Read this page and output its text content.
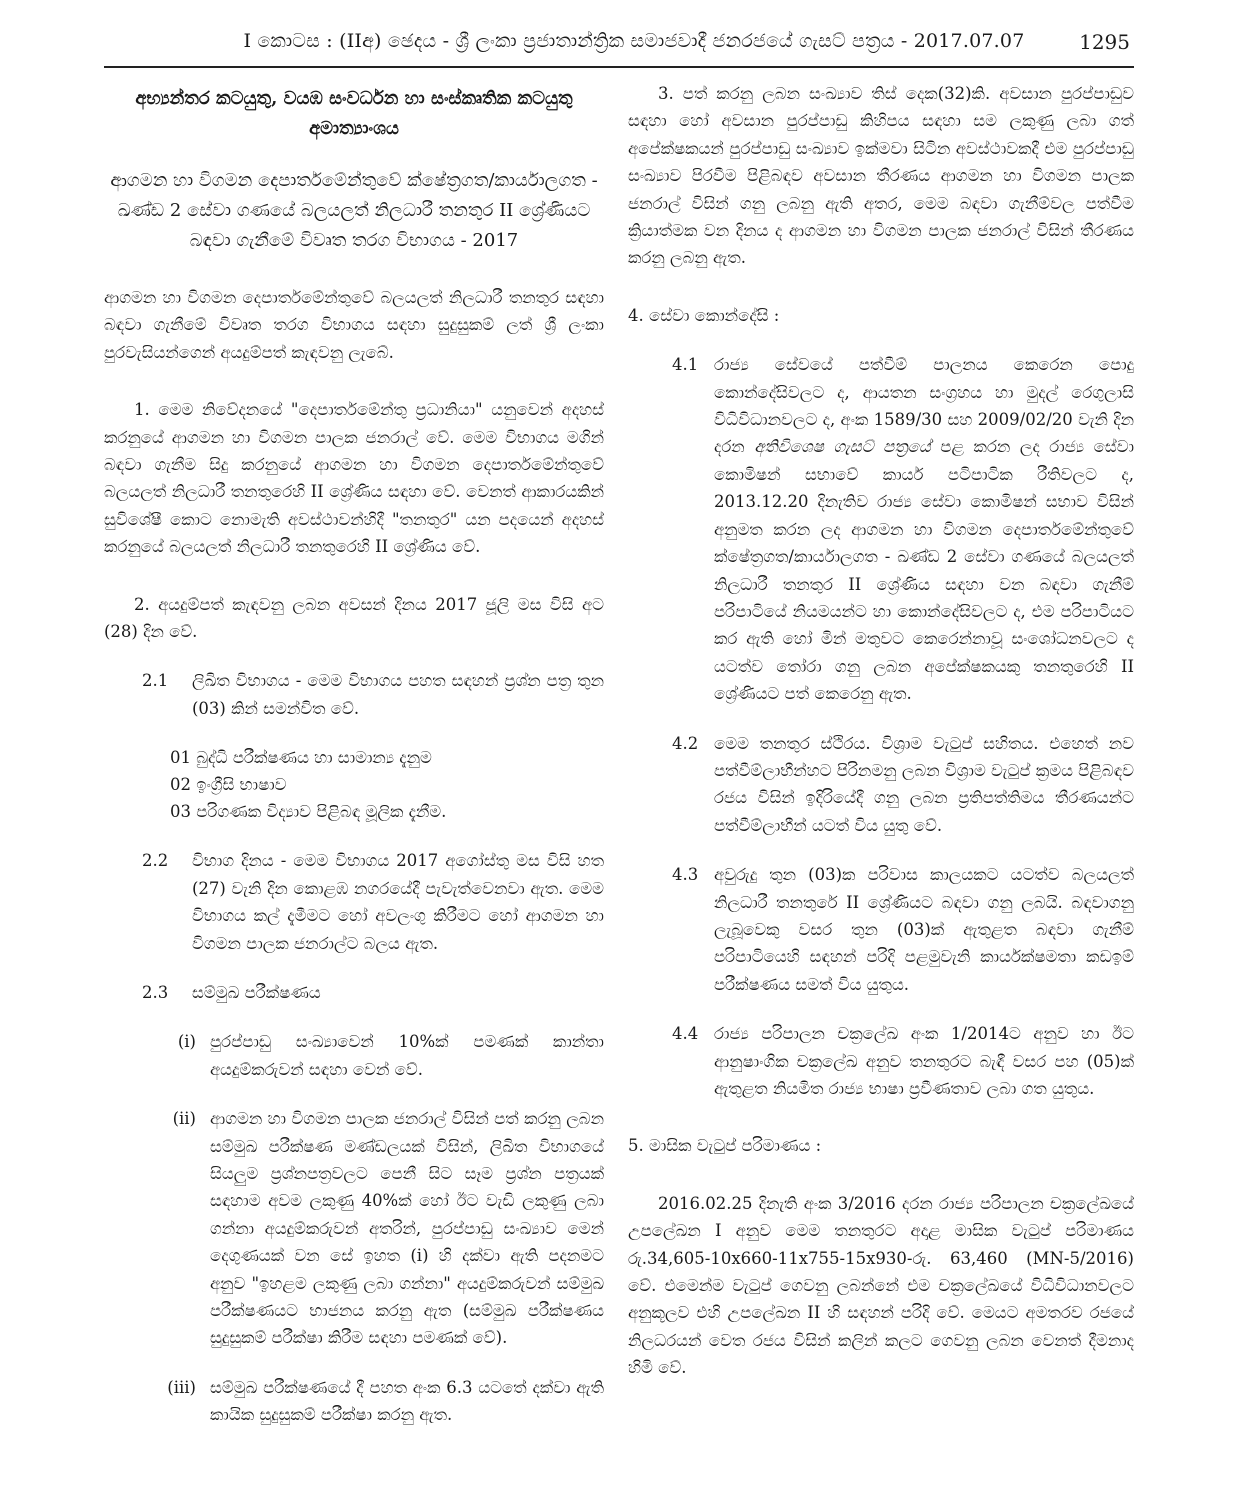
I කොටස : (IIඅ) ඡෙදය - ශ්‍රී ලංකා ප්‍රජාතාන්ත්‍රික සමාජවාදී ජනරජයේ ගැසට් පත්‍රය - 2017.07.07	1295

අභ්‍යන්තර කටයුතු, වයඹ සංවර්ධන හා සංස්කෘතික කටයුතු අමාත්‍යාංශය

ආගමන හා විගමන දෙපාර්තමේන්තුවේ ක්ෂේත්‍රගත/කාර්යාලගත - ඛණ්ඩ 2 සේවා ගණයේ බලයලත් නිලධාරී තනතුර II ශ්‍රේණියට බඳවා ගැනීමේ විවෘත තරග විභාගය - 2017

ආගමන හා විගමන දෙපාර්තමේන්තුවේ බලයලත් නිලධාරී තනතුර සඳහා බඳවා ගැනීමේ විවෘත තරග විභාගය සඳහා සුදුසුකම් ලත් ශ්‍රී ලංකා පුරවැසියන්ගෙන් අයදුම්පත් කැඳවනු ලැබේ.

1. මෙම නිවේදනයේ "දෙපාර්තමේන්තු ප්‍රධානියා" යනුවෙන් අදහස් කරනුයේ ආගමන හා විගමන පාලක ජනරාල් වේ. මෙම විභාගය මගින් බඳවා ගැනීම සිදු කරනුයේ ආගමන හා විගමන දෙපාර්තමේන්තුවේ බලයලත් නිලධාරී තනතුරෙහි II ශ්‍රේණිය සඳහා වේ. වෙනත් ආකාරයකින් සුවිශේෂී කොට නොමැති අවස්ථාවන්හිදී "තනතුර" යන පදයෙන් අදහස් කරනුයේ බලයලත් නිලධාරී තනතුරෙහි II ශ්‍රේණිය වේ.

2. අයදුම්පත් කැඳවනු ලබන අවසන් දිනය 2017 ජූලි මස විසි අට (28) දින වේ.

2.1	ලිඛිත විභාගය - මෙම විභාගය පහත සඳහන් ප්‍රශ්න පත්‍ර තුන (03) කින් සමන්විත වේ.
01 බුද්ධි පරීක්ෂණය හා සාමාන්‍ය දැනුම
02 ඉංග්‍රීසි භාෂාව
03 පරිගණක විද්‍යාව පිළිබඳ මූලික දැනීම.
2.2	විභාග දිනය - මෙම විභාගය 2017 අගෝස්තු මස විසි හත (27) වැනි දින කොළඹ නගරයේදී පැවැත්වෙනවා ඇත. මෙම විභාගය කල් දැමීමට හෝ අවලංගු කිරීමට හෝ ආගමන හා විගමන පාලක ජනරාල්ට බලය ඇත.
2.3	සම්මුඛ පරීක්ෂණය
(i) පුරප්පාඩු සංඛ්‍යාවෙන් 10%ක් පමණක් කාන්තා අයදුම්කරුවන් සඳහා වෙන් වේ.
(ii) ආගමන හා විගමන පාලක ජනරාල් විසින් පත් කරනු ලබන සම්මුඛ පරීක්ෂණ මණ්ඩලයක් විසින්, ලිඛිත විභාගයේ සියලුම ප්‍රශ්නපත්‍රවලට පෙනී සිට සෑම ප්‍රශ්න පත්‍රයක් සඳහාම අවම ලකුණු 40%ක් හෝ ඊට වැඩි ලකුණු ලබා ගන්නා අයදුම්කරුවන් අතරින්, පුරප්පාඩු සංඛ්‍යාව මෙන් දෙගුණයක් වන සේ ඉහත (i) හි දක්වා ඇති පදනමට අනුව "ඉහළම ලකුණු ලබා ගන්නා" අයදුම්කරුවන් සම්මුඛ පරීක්ෂණයට භාජනය කරනු ඇත (සම්මුඛ පරීක්ෂණය සුදුසුකම් පරීක්ෂා කිරීම සඳහා පමණක් වේ).
(iii) සම්මුඛ පරීක්ෂණයේ දී පහත අංක 6.3 යටතේ දක්වා ඇති කායික සුදුසුකම් පරීක්ෂා කරනු ඇත.

3. පත් කරනු ලබන සංඛ්‍යාව තිස් දෙක(32)කි. අවසාන පුරප්පාඩුව සඳහා හෝ අවසාන පුරප්පාඩු කිහිපය සඳහා සම ලකුණු ලබා ගත් අපේක්ෂකයන් පුරප්පාඩු සංඛ්‍යාව ඉක්මවා සිටින අවස්ථාවකදී එම පුරප්පාඩු සංඛ්‍යාව පිරවීම පිළිබඳව අවසාන තීරණය ආගමන හා විගමන පාලක ජනරාල් විසින් ගනු ලබනු ඇති අතර, මෙම බඳවා ගැනීම්වල පත්වීම ක්‍රියාත්මක වන දිනය ද ආගමන හා විගමන පාලක ජනරාල් විසින් තීරණය කරනු ලබනු ඇත.

4. සේවා කොන්දේසි :

4.1 රාජ්‍ය සේවයේ පත්වීම් පාලනය කෙරෙන පොදු කොන්දේසිවලට ද, ආයතන සංග්‍රහය හා මුදල් රෙගුලාසි විධිවිධානවලට ද, අංක 1589/30 සහ 2009/02/20 වැනි දින දරන අතිවිශෙෂ ගැසට් පත්‍රයේ පළ කරන ලද රාජ්‍ය සේවා කොමිෂන් සභාවේ කාර්ය පටිපාටික රීතිවලට ද, 2013.12.20 දිනැතිව රාජ්‍ය සේවා කොමිෂන් සභාව විසින් අනුමත කරන ලද ආගමන හා විගමන දෙපාර්තමේන්තුවේ ක්ෂේත්‍රගත/කාර්යාලගත - ඛණ්ඩ 2 සේවා ගණයේ බලයලත් නිලධාරී තනතුර II ශ්‍රේණිය සඳහා වන බඳවා ගැනීම් පරිපාටියේ නියමයන්ට හා කොන්දේසිවලට ද, එම පරිපාටියට කර ඇති හෝ මින් මතුවට කෙරෙන්නාවූ සංශෝධනවලට ද යටත්ව තෝරා ගනු ලබන අපේක්ෂකයකු තනතුරෙහි II ශ්‍රේණියට පත් කෙරෙනු ඇත.
4.2 මෙම තනතුර ස්ථිරය. විශ්‍රාම වැටුප් සහිතය. එහෙත් නව පත්වීම්ලාභීන්හට පිරිනමනු ලබන විශ්‍රාම වැටුප් ක්‍රමය පිළිබඳව රජය විසින් ඉදිරියේදී ගනු ලබන ප්‍රතිපත්තිමය තීරණයන්ට පත්වීම්ලාභීන් යටත් විය යුතු වේ.
4.3 අවුරුදු තුන (03)ක පරිවාස කාලයකට යටත්ව බලයලත් නිලධාරී තනතුරේ II ශ්‍රේණියට බඳවා ගනු ලබයි. බඳවාගනු ලැබූවෙකු වසර තුන (03)ක් ඇතුළත බඳවා ගැනීම් පරිපාටියෙහි සඳහන් පරිදි පළමුවැනි කාර්යක්ෂමතා කඩඉම් පරීක්ෂණය සමත් විය යුතුය.
4.4 රාජ්‍ය පරිපාලන චක්‍රලේඛ අංක 1/2014ට අනුව හා ඊට ආනුෂාංගික චක්‍රලේඛ අනුව තනතුරට බැඳී වසර පහ (05)ක් ඇතුළත නියමිත රාජ්‍ය භාෂා ප්‍රවීණතාව ලබා ගත යුතුය.

5. මාසික වැටුප් පරිමාණය :

2016.02.25 දිනැති අංක 3/2016 දරන රාජ්‍ය පරිපාලන චක්‍රලේඛයේ උපලේඛන I අනුව මෙම තනතුරට අදාළ මාසික වැටුප් පරිමාණය රු.34,605-10x660-11x755-15x930-රු. 63,460 (MN-5/2016) වේ. එමෙන්ම වැටුප් ගෙවනු ලබන්නේ එම චක්‍රලේඛයේ විධිවිධානවලට අනුකූලව එහි උපලේඛන II හි සඳහන් පරිදි වේ. මෙයට අමතරව රජයේ නිලධරයන් වෙත රජය විසින් කලින් කලට ගෙවනු ලබන වෙනත් දීමනාද හිමි වේ.
